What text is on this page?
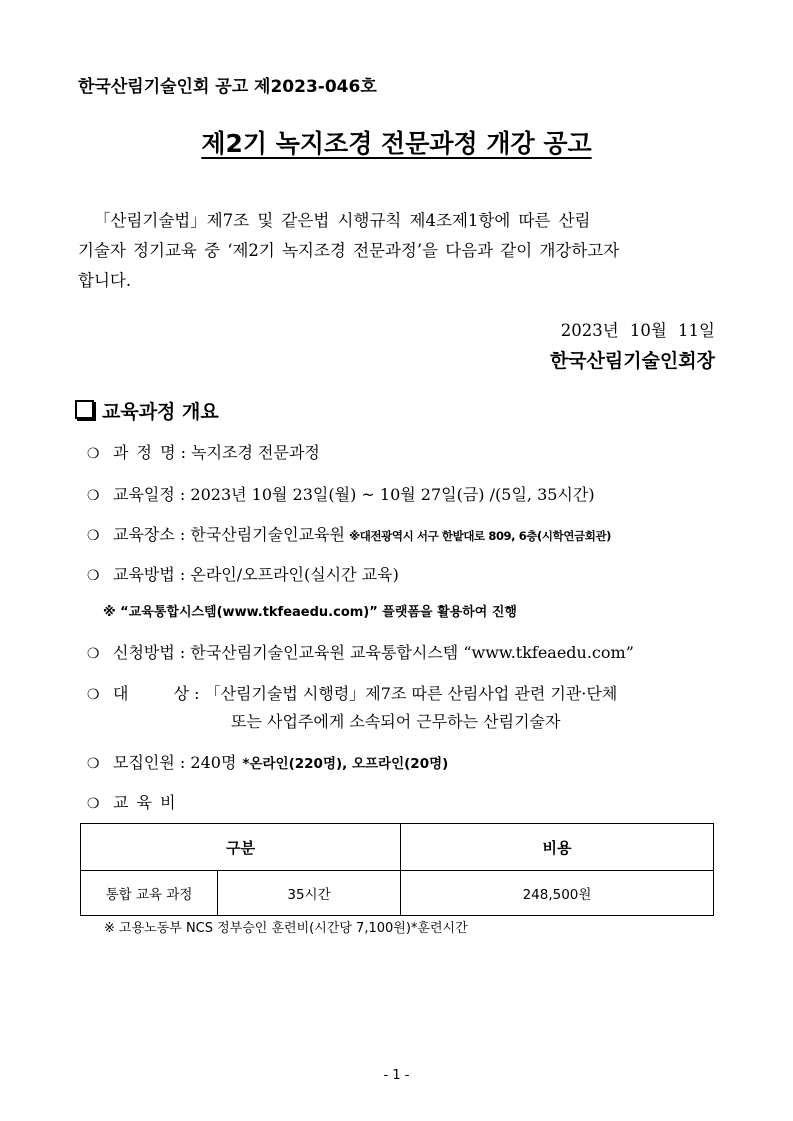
한국산림기술인회 공고 제2023-046호
제2기 녹지조경 전문과정 개강 공고
「산림기술법」제7조 및 같은법 시행규칙 제4조제1항에 따른 산림
기술자 정기교육 중 ‘제2기 녹지조경 전문과정’을 다음과 같이 개강하고자
합니다.
2023년 10월 11일
한국산림기술인회장
교육과정 개요
❍ 과 정 명 : 녹지조경 전문과정
❍ 교육일정 : 2023년 10월 23일(월) ~ 10월 27일(금) /(5일, 35시간)
❍ 교육장소 : 한국산림기술인교육원 ※대전광역시 서구 한밭대로 809, 6층(시학연금회관)
❍ 교육방법 : 온라인/오프라인(실시간 교육)
※ “교육통합시스템(www.tkfeaedu.com)” 플랫폼을 활용하여 진행
❍ 신청방법 : 한국산림기술인교육원 교육통합시스템 “www.tkfeaedu.com”
❍ 대 상 : 「산림기술법 시행령」제7조 따른 산림사업 관련 기관·단체
또는 사업주에게 소속되어 근무하는 산림기술자
❍ 모집인원 : 240명 *온라인(220명), 오프라인(20명)
❍ 교 육 비
구분		비용
통합 교육 과정	35시간	248,500원
※ 고용노동부 NCS 정부승인 훈련비(시간당 7,100원)*훈련시간
- 1 -
